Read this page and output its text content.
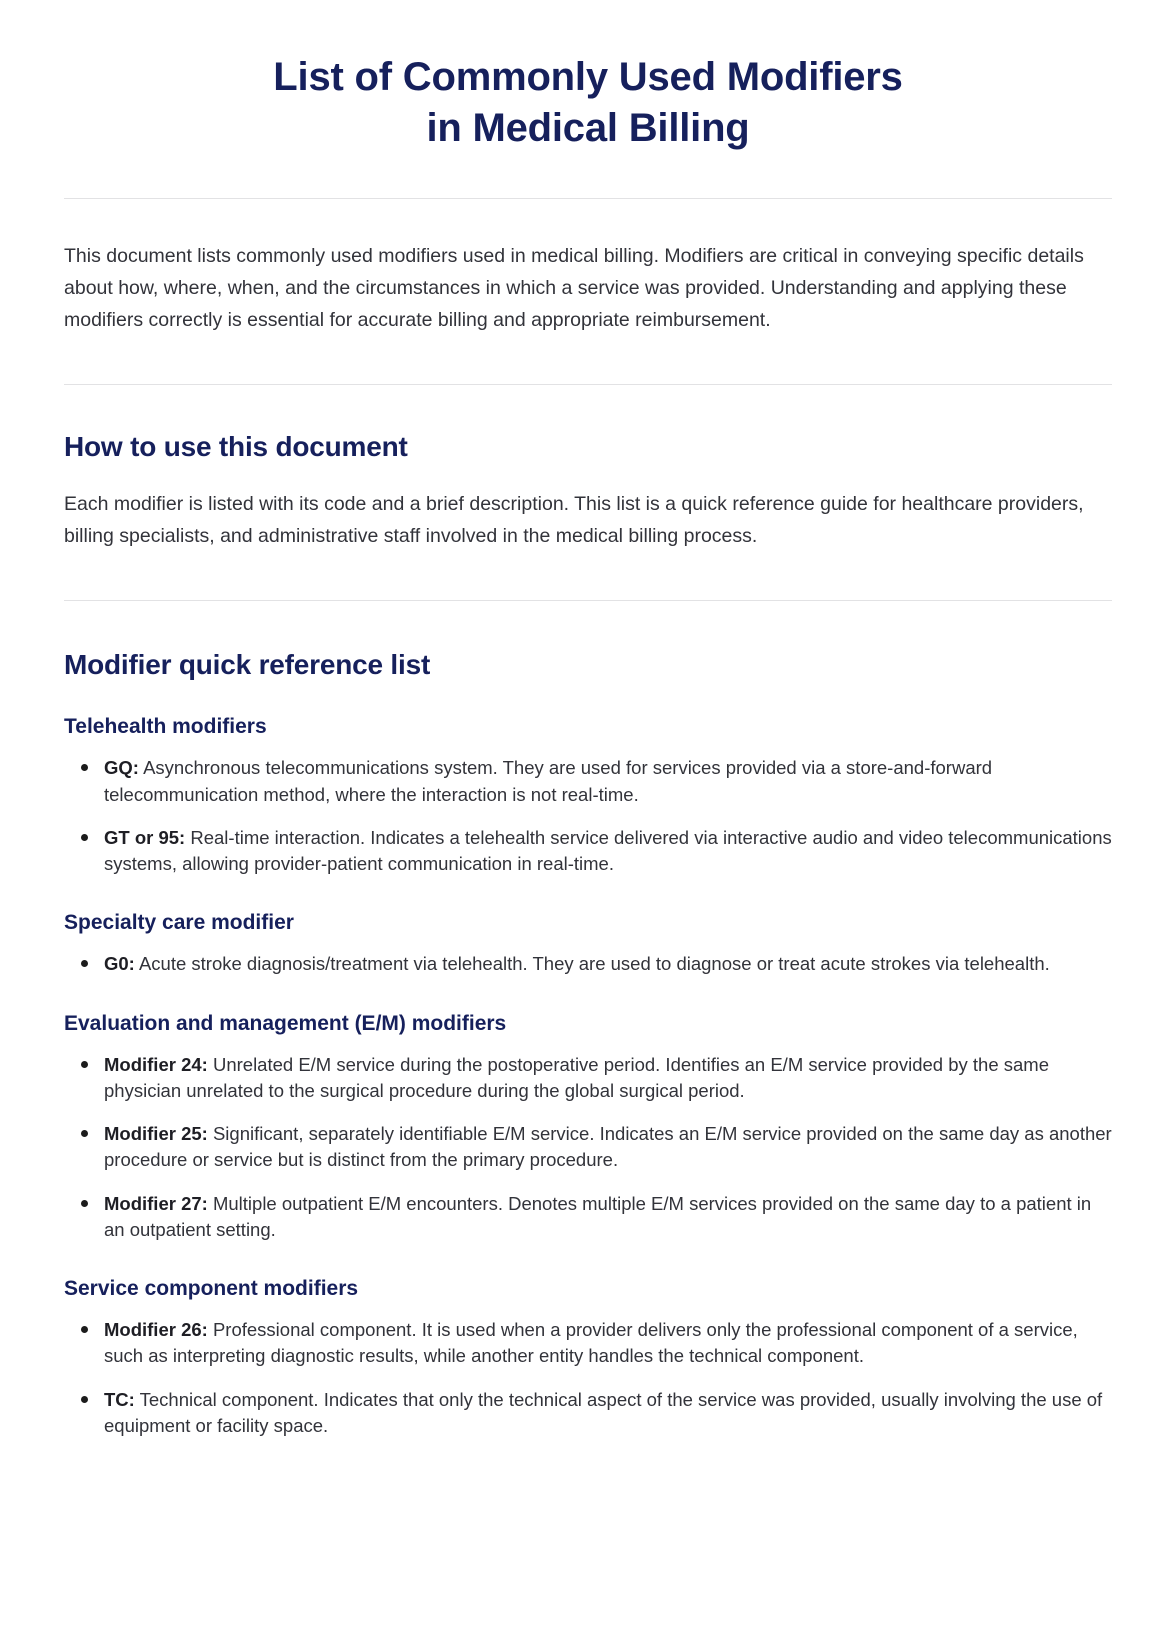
List of Commonly Used Modifiers
in Medical Billing

This document lists commonly used modifiers used in medical billing. Modifiers are critical in conveying specific details about how, where, when, and the circumstances in which a service was provided. Understanding and applying these modifiers correctly is essential for accurate billing and appropriate reimbursement.

How to use this document

Each modifier is listed with its code and a brief description. This list is a quick reference guide for healthcare providers, billing specialists, and administrative staff involved in the medical billing process.

Modifier quick reference list
Telehealth modifiers
GQ: Asynchronous telecommunications system. They are used for services provided via a store-and-forward telecommunication method, where the interaction is not real-time.
GT or 95: Real-time interaction. Indicates a telehealth service delivered via interactive audio and video telecommunications systems, allowing provider-patient communication in real-time.
Specialty care modifier
G0: Acute stroke diagnosis/treatment via telehealth. They are used to diagnose or treat acute strokes via telehealth.
Evaluation and management (E/M) modifiers
Modifier 24: Unrelated E/M service during the postoperative period. Identifies an E/M service provided by the same physician unrelated to the surgical procedure during the global surgical period.
Modifier 25: Significant, separately identifiable E/M service. Indicates an E/M service provided on the same day as another procedure or service but is distinct from the primary procedure.
Modifier 27: Multiple outpatient E/M encounters. Denotes multiple E/M services provided on the same day to a patient in an outpatient setting.
Service component modifiers
Modifier 26: Professional component. It is used when a provider delivers only the professional component of a service, such as interpreting diagnostic results, while another entity handles the technical component.
TC: Technical component. Indicates that only the technical aspect of the service was provided, usually involving the use of equipment or facility space.
